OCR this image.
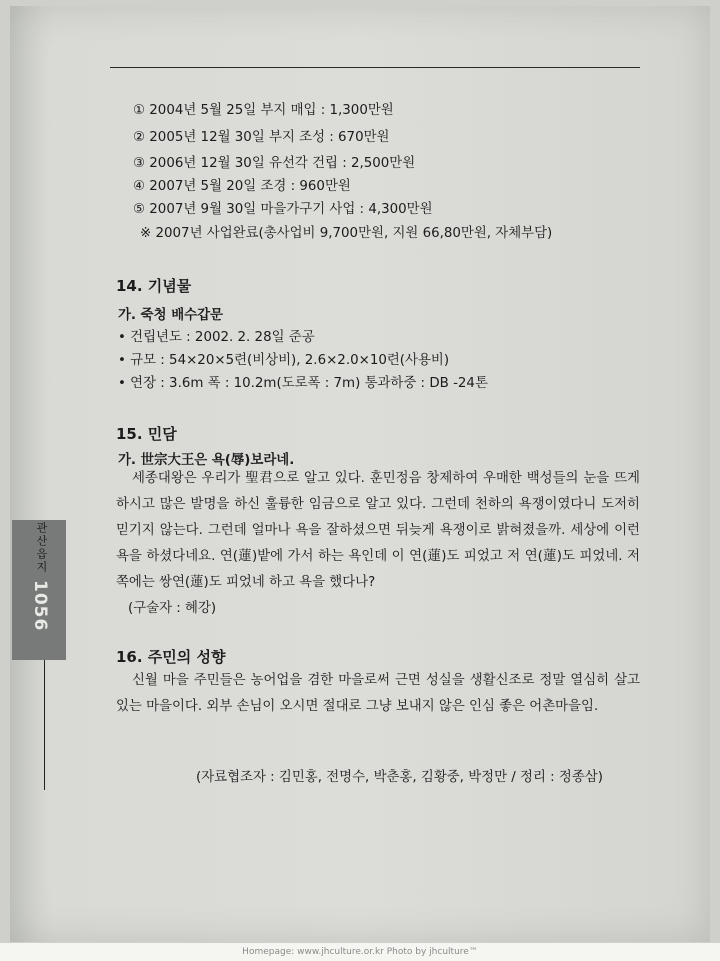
① 2004년 5월 25일 부지 매입 : 1,300만원
② 2005년 12월 30일 부지 조성 : 670만원
③ 2006년 12월 30일 유선각 건립 : 2,500만원
④ 2007년 5월 20일 조경 : 960만원
⑤ 2007년 9월 30일 마을가구기 사업 : 4,300만원
※ 2007년 사업완료(총사업비 9,700만원, 지원 66,80만원, 자체부담)
14. 기념물
가. 죽청 배수갑문
• 건립년도 : 2002. 2. 28일 준공
• 규모 : 54×20×5련(비상비), 2.6×2.0×10련(사용비)
• 연장 : 3.6m 폭 : 10.2m(도로폭 : 7m) 통과하중 : DB -24톤
15. 민담
가. 世宗大王은 욕(辱)보라네.

세종대왕은 우리가 聖君으로 알고 있다. 훈민정음 창제하여 우매한 백성들의 눈을 뜨게 하시고 많은 발명을 하신 훌륭한 임금으로 알고 있다. 그런데 천하의 욕쟁이였다니 도저히 믿기지 않는다. 그런데 얼마나 욕을 잘하셨으면 뒤늦게 욕쟁이로 밝혀졌을까. 세상에 이런 욕을 하셨다네요. 연(蓮)밭에 가서 하는 욕인데 이 연(蓮)도 피었고 저 연(蓮)도 피었네. 저쪽에는 쌍연(蓮)도 피었네 하고 욕을 했다나?

(구술자 : 혜강)
16. 주민의 성향

신월 마을 주민들은 농어업을 겸한 마을로써 근면 성실을 생활신조로 정말 열심히 살고 있는 마을이다. 외부 손님이 오시면 절대로 그냥 보내지 않은 인심 좋은 어촌마을임.

(자료협조자 : 김민홍, 전명수, 박춘홍, 김황중, 박정만 / 정리 : 정종삼)
관산읍지
1056
Homepage: www.jhculture.or.kr Photo by jhculture™
